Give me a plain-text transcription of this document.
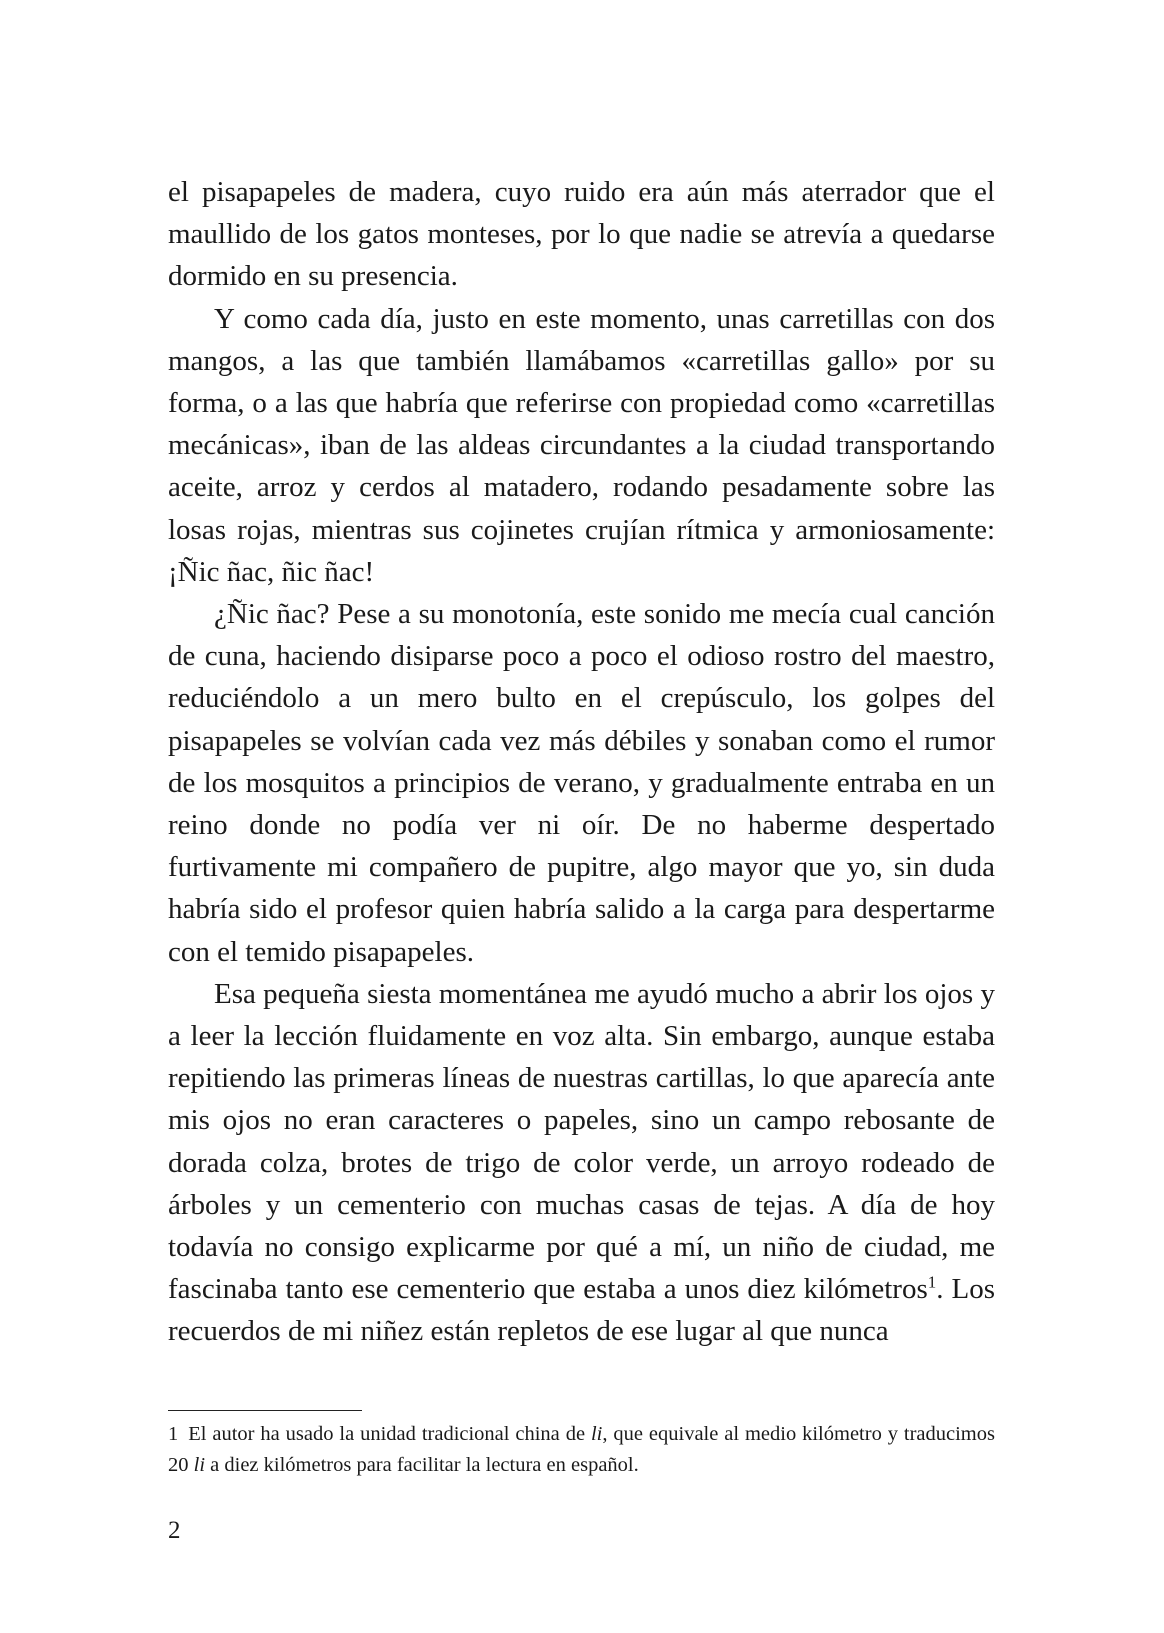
el pisapapeles de madera, cuyo ruido era aún más aterrador que el maullido de los gatos monteses, por lo que nadie se atrevía a quedarse dormido en su presencia.

Y como cada día, justo en este momento, unas carretillas con dos mangos, a las que también llamábamos «carretillas gallo» por su forma, o a las que habría que referirse con propiedad como «carretillas mecánicas», iban de las aldeas circundantes a la ciudad transportando aceite, arroz y cerdos al matadero, rodando pesadamente sobre las losas rojas, mientras sus cojinetes crujían rítmica y armoniosamente: ¡Ñic ñac, ñic ñac!

¿Ñic ñac? Pese a su monotonía, este sonido me mecía cual canción de cuna, haciendo disiparse poco a poco el odioso rostro del maestro, reduciéndolo a un mero bulto en el crepúsculo, los golpes del pisapapeles se volvían cada vez más débiles y sonaban como el rumor de los mosquitos a principios de verano, y gradualmente entraba en un reino donde no podía ver ni oír. De no haberme despertado furtivamente mi compañero de pupitre, algo mayor que yo, sin duda habría sido el profesor quien habría salido a la carga para despertarme con el temido pisapapeles.

Esa pequeña siesta momentánea me ayudó mucho a abrir los ojos y a leer la lección fluidamente en voz alta. Sin embargo, aunque estaba repitiendo las primeras líneas de nuestras cartillas, lo que aparecía ante mis ojos no eran caracteres o papeles, sino un campo rebosante de dorada colza, brotes de trigo de color verde, un arroyo rodeado de árboles y un cementerio con muchas casas de tejas. A día de hoy todavía no consigo explicarme por qué a mí, un niño de ciudad, me fascinaba tanto ese cementerio que estaba a unos diez kilómetros$^1$. Los recuerdos de mi niñez están repletos de ese lugar al que nunca

1 El autor ha usado la unidad tradicional china de li, que equivale al medio kilómetro y traducimos 20 li a diez kilómetros para facilitar la lectura en español.
2
